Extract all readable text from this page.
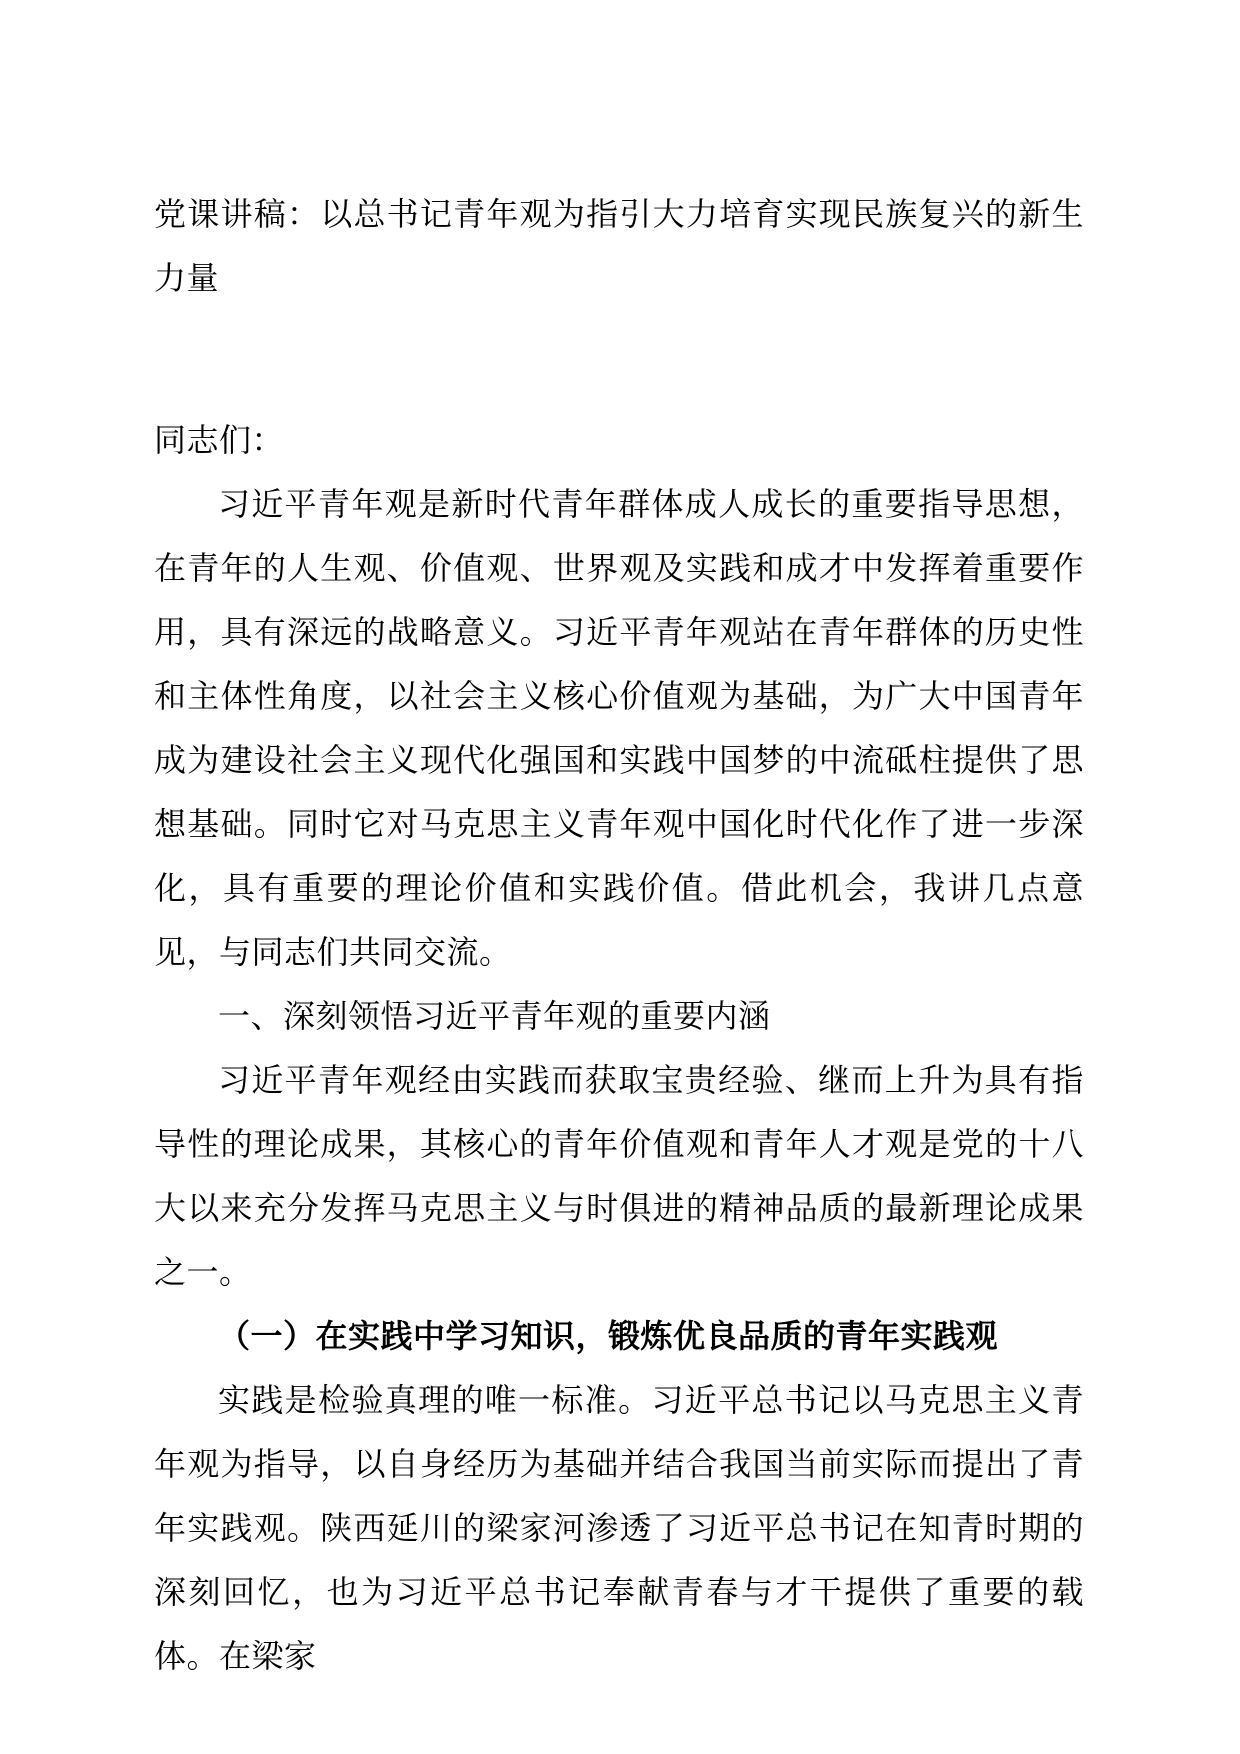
党课讲稿：以总书记青年观为指引大力培育实现民族复兴的新生力量

同志们：

习近平青年观是新时代青年群体成人成长的重要指导思想，在青年的人生观、价值观、世界观及实践和成才中发挥着重要作用，具有深远的战略意义。习近平青年观站在青年群体的历史性和主体性角度，以社会主义核心价值观为基础，为广大中国青年成为建设社会主义现代化强国和实践中国梦的中流砥柱提供了思想基础。同时它对马克思主义青年观中国化时代化作了进一步深化，具有重要的理论价值和实践价值。借此机会，我讲几点意见，与同志们共同交流。

一、深刻领悟习近平青年观的重要内涵

习近平青年观经由实践而获取宝贵经验、继而上升为具有指导性的理论成果，其核心的青年价值观和青年人才观是党的十八大以来充分发挥马克思主义与时俱进的精神品质的最新理论成果之一。

（一）在实践中学习知识，锻炼优良品质的青年实践观

实践是检验真理的唯一标准。习近平总书记以马克思主义青年观为指导，以自身经历为基础并结合我国当前实际而提出了青年实践观。陕西延川的梁家河渗透了习近平总书记在知青时期的深刻回忆，也为习近平总书记奉献青春与才干提供了重要的载体。在梁家
